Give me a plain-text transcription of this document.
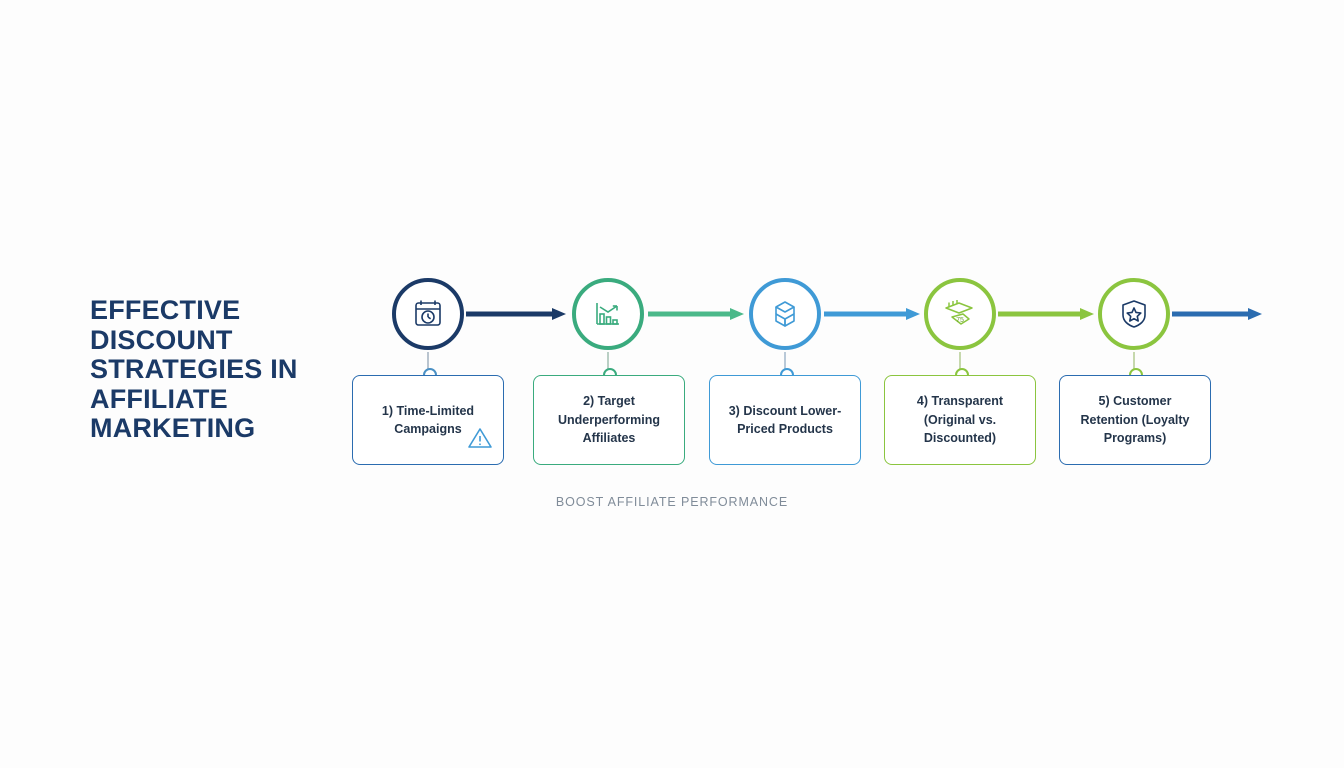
EFFECTIVE DISCOUNT STRATEGIES IN AFFILIATE MARKETING
1) Time-Limited Campaigns
2) Target Underperforming Affiliates
3) Discount Lower-Priced Products
75
4) Transparent (Original vs. Discounted)
5) Customer Retention (Loyalty Programs)
BOOST AFFILIATE PERFORMANCE
